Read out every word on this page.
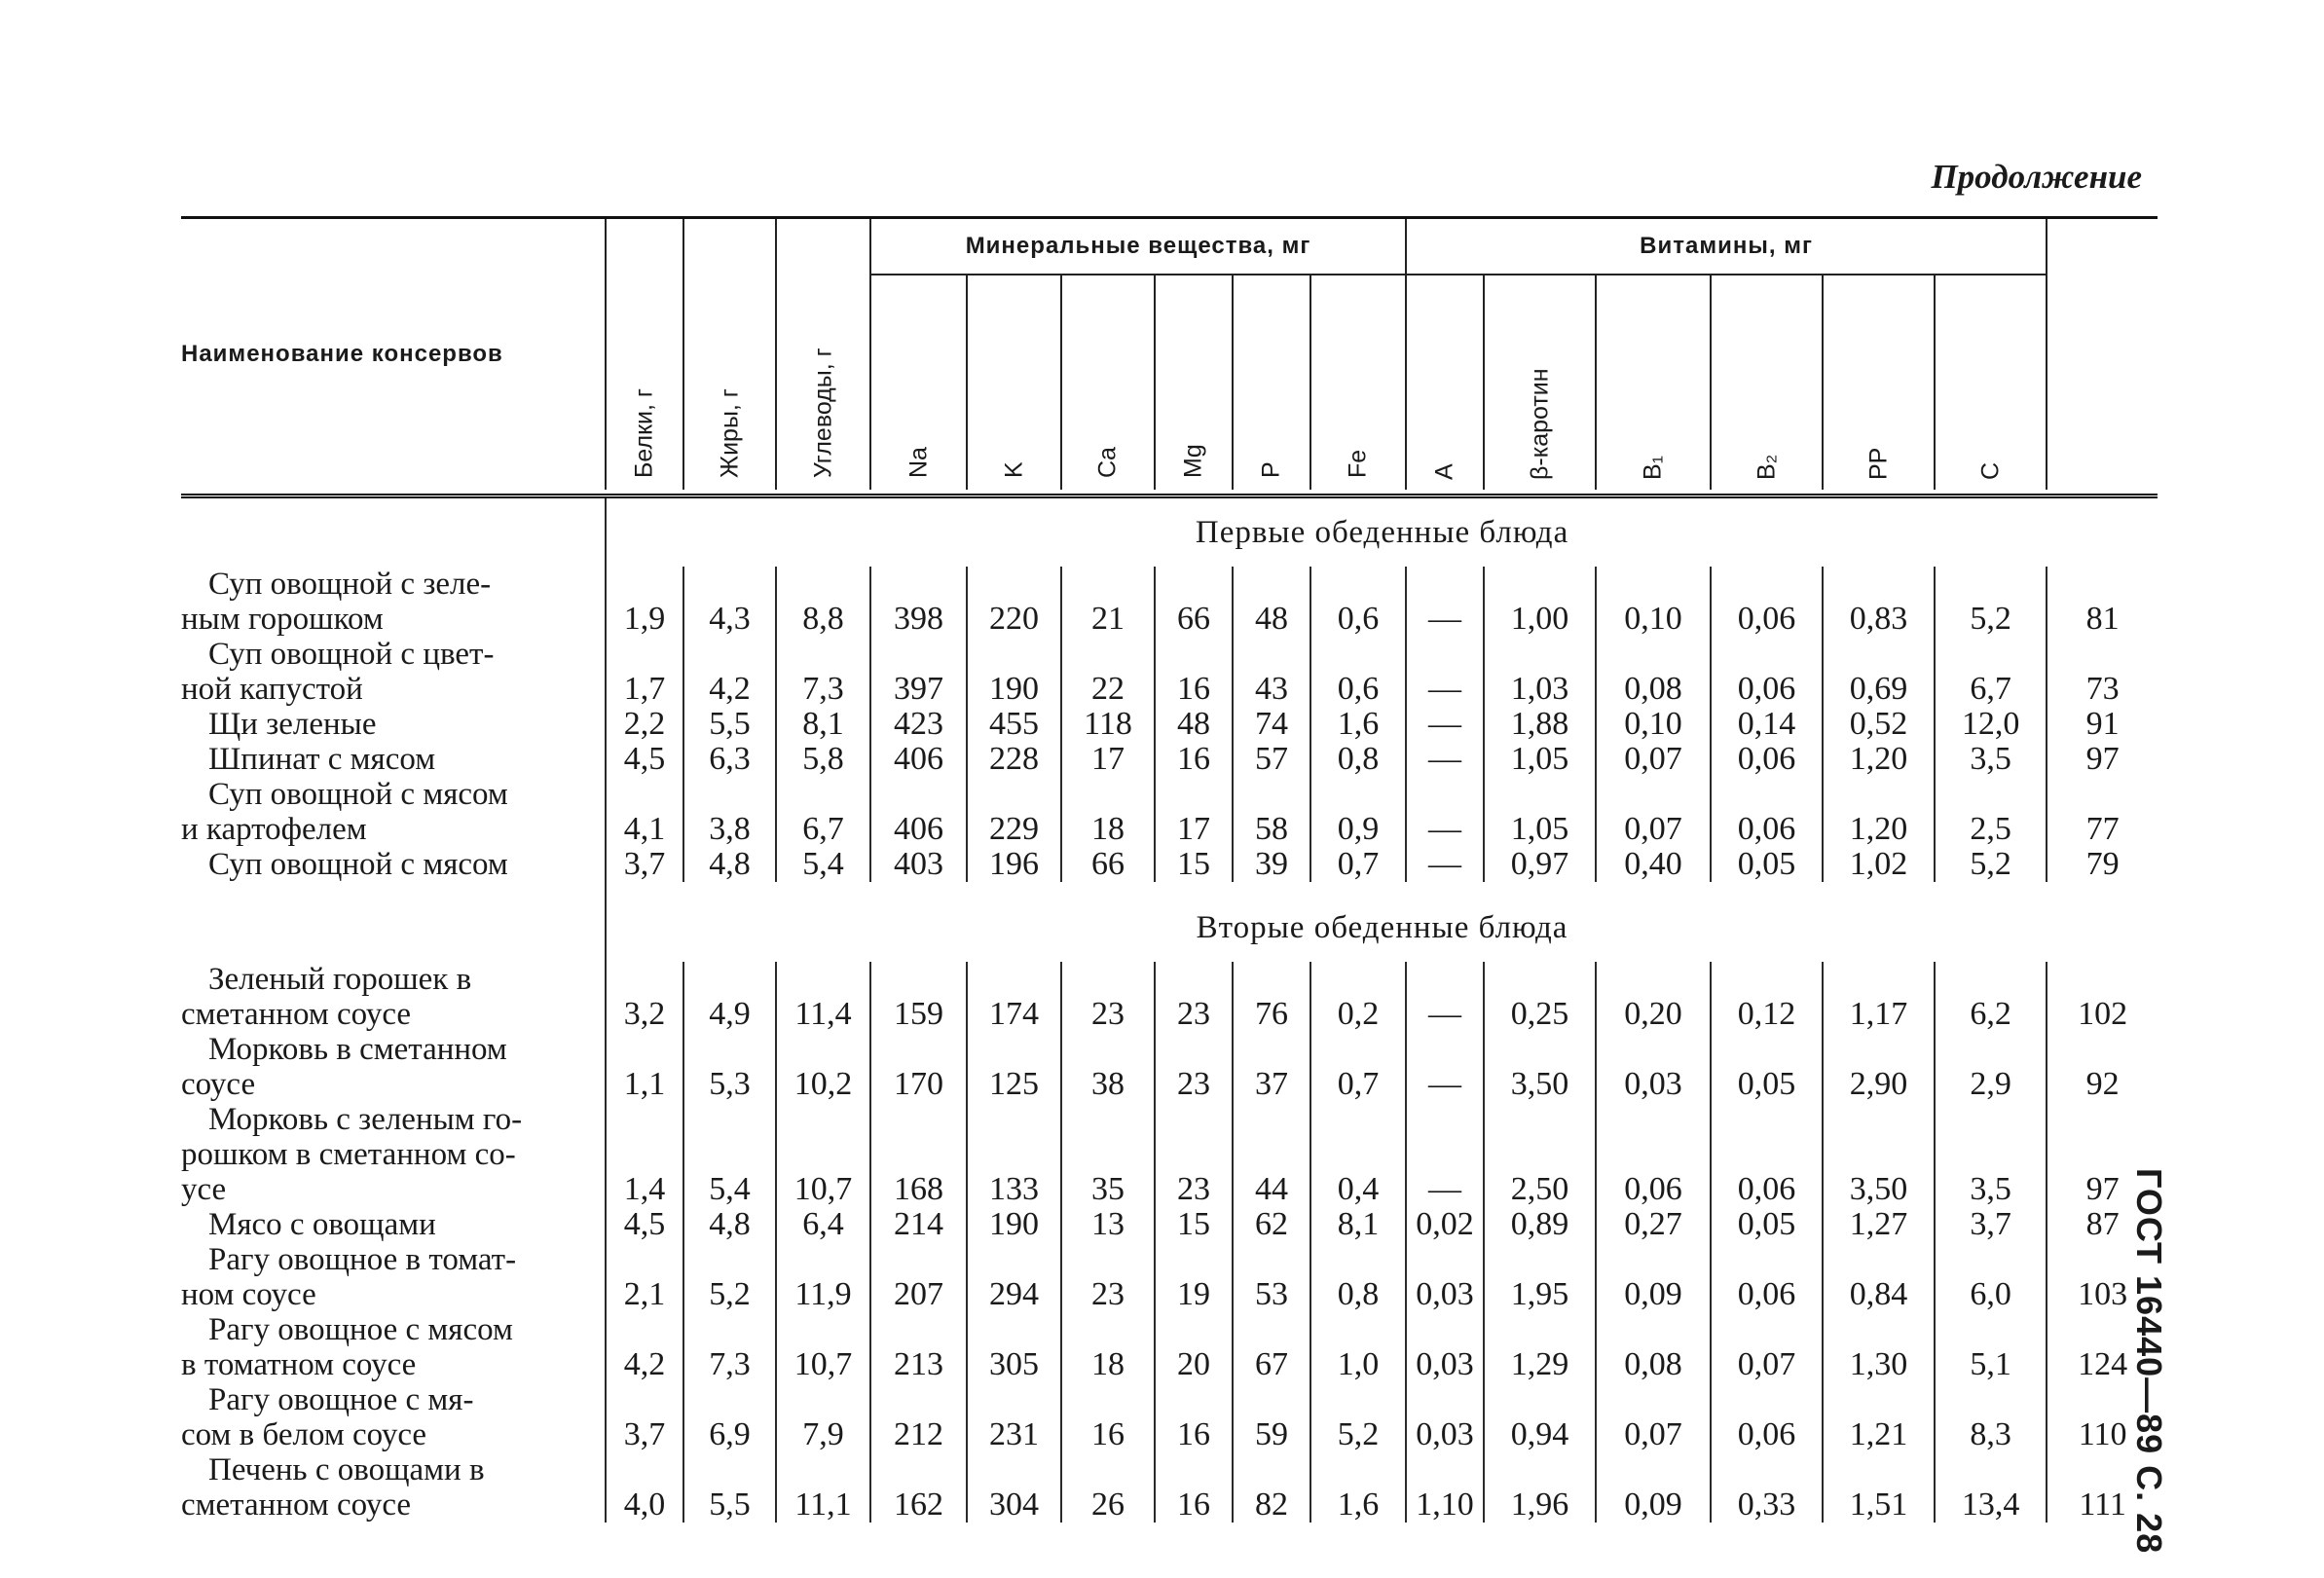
Продолжение
ГОСТ 16440—89 С. 28
Наименование консервов	Белки, г	Жиры, г	Углеводы, г	Минеральные вещества, мг						Витамины, мг						

				Na	K	Ca	Mg	P	Fe	A	β-каротин	B₁	B₂	PP	C	

	Первые обеденные блюда															

Суп овощной с зеле-
ным горошком	1,9	4,3	8,8	398	220	21	66	48	0,6	—	1,00	0,10	0,06	0,83	5,2	81

Суп овощной с цвет-
ной капустой	1,7	4,2	7,3	397	190	22	16	43	0,6	—	1,03	0,08	0,06	0,69	6,7	73

Щи зеленые	2,2	5,5	8,1	423	455	118	48	74	1,6	—	1,88	0,10	0,14	0,52	12,0	91

Шпинат с мясом	4,5	6,3	5,8	406	228	17	16	57	0,8	—	1,05	0,07	0,06	1,20	3,5	97

Суп овощной с мясом
и картофелем	4,1	3,8	6,7	406	229	18	17	58	0,9	—	1,05	0,07	0,06	1,20	2,5	77

Суп овощной с мясом	3,7	4,8	5,4	403	196	66	15	39	0,7	—	0,97	0,40	0,05	1,02	5,2	79

	Вторые обеденные блюда															

Зеленый горошек в
сметанном соусе	3,2	4,9	11,4	159	174	23	23	76	0,2	—	0,25	0,20	0,12	1,17	6,2	102

Морковь в сметанном
соусе	1,1	5,3	10,2	170	125	38	23	37	0,7	—	3,50	0,03	0,05	2,90	2,9	92

Морковь с зеленым го-
рошком в сметанном со-
усе	1,4	5,4	10,7	168	133	35	23	44	0,4	—	2,50	0,06	0,06	3,50	3,5	97

Мясо с овощами	4,5	4,8	6,4	214	190	13	15	62	8,1	0,02	0,89	0,27	0,05	1,27	3,7	87

Рагу овощное в томат-
ном соусе	2,1	5,2	11,9	207	294	23	19	53	0,8	0,03	1,95	0,09	0,06	0,84	6,0	103

Рагу овощное с мясом
в томатном соусе	4,2	7,3	10,7	213	305	18	20	67	1,0	0,03	1,29	0,08	0,07	1,30	5,1	124

Рагу овощное с мя-
сом в белом соусе	3,7	6,9	7,9	212	231	16	16	59	5,2	0,03	0,94	0,07	0,06	1,21	8,3	110

Печень с овощами в
сметанном соусе	4,0	5,5	11,1	162	304	26	16	82	1,6	1,10	1,96	0,09	0,33	1,51	13,4	111
